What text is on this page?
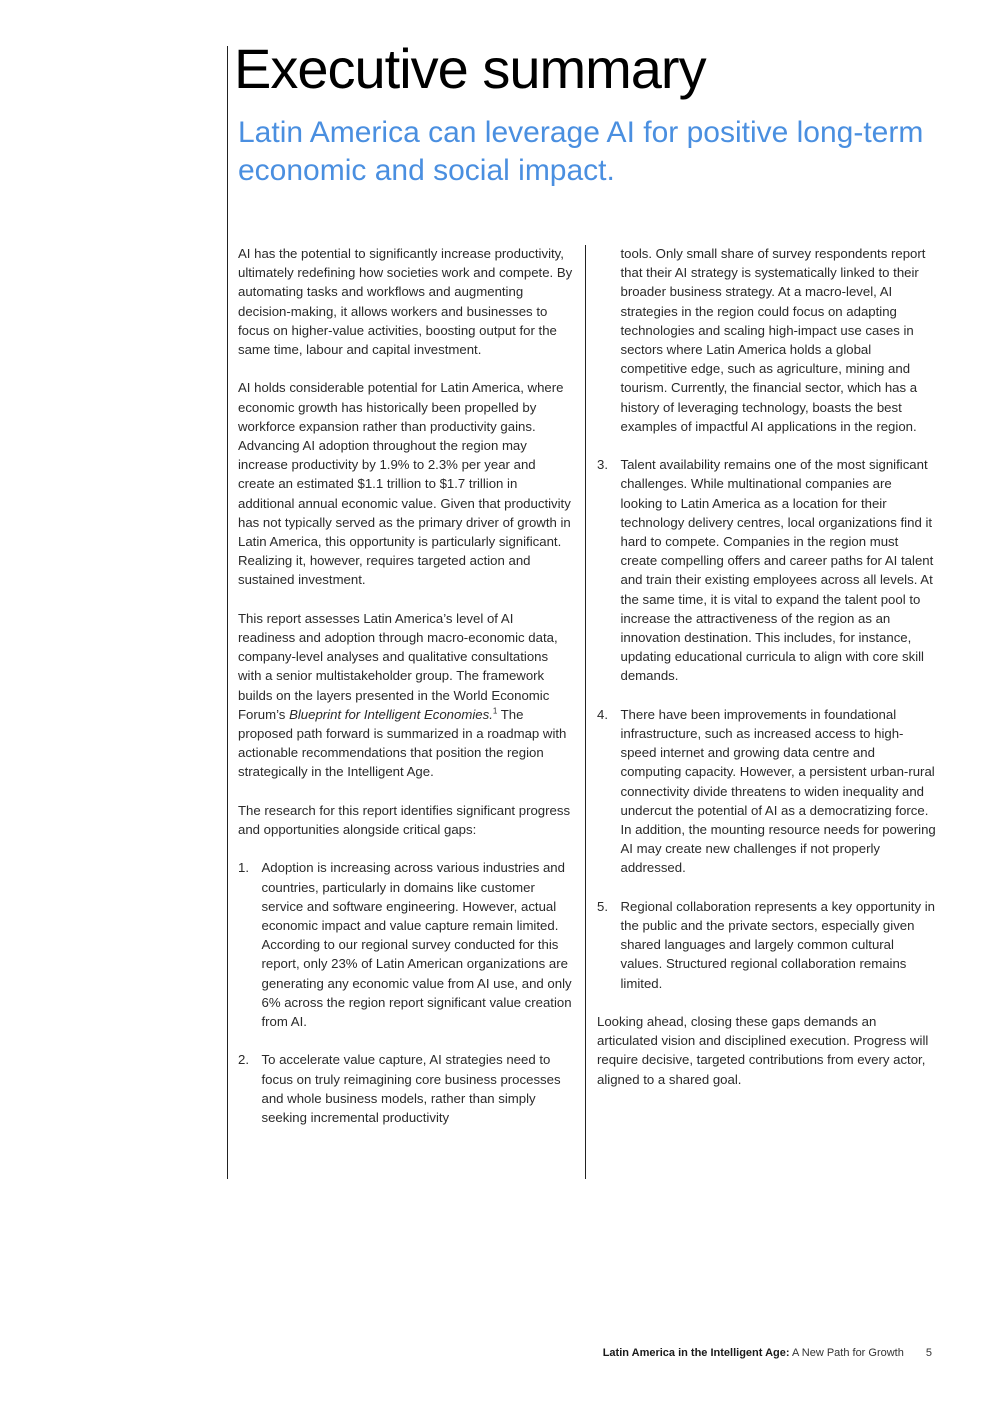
Executive summary
Latin America can leverage AI for positive long-term economic and social impact.

AI has the potential to significantly increase productivity, ultimately redefining how societies work and compete. By automating tasks and workflows and augmenting decision-making, it allows workers and businesses to focus on higher-value activities, boosting output for the same time, labour and capital investment.

AI holds considerable potential for Latin America, where economic growth has historically been propelled by workforce expansion rather than productivity gains. Advancing AI adoption throughout the region may increase productivity by 1.9% to 2.3% per year and create an estimated $1.1 trillion to $1.7 trillion in additional annual economic value. Given that productivity has not typically served as the primary driver of growth in Latin America, this opportunity is particularly significant. Realizing it, however, requires targeted action and sustained investment.

This report assesses Latin America’s level of AI readiness and adoption through macro-economic data, company-level analyses and qualitative consultations with a senior multistakeholder group. The framework builds on the layers presented in the World Economic Forum’s Blueprint for Intelligent Economies.$^1$ The proposed path forward is summarized in a roadmap with actionable recommendations that position the region strategically in the Intelligent Age.

The research for this report identifies significant progress and opportunities alongside critical gaps:

1. Adoption is increasing across various industries and countries, particularly in domains like customer service and software engineering. However, actual economic impact and value capture remain limited. According to our regional survey conducted for this report, only 23% of Latin American organizations are generating any economic value from AI use, and only 6% across the region report significant value creation from AI.
2. To accelerate value capture, AI strategies need to focus on truly reimagining core business processes and whole business models, rather than simply seeking incremental productivity
tools. Only small share of survey respondents report that their AI strategy is systematically linked to their broader business strategy. At a macro-level, AI strategies in the region could focus on adapting technologies and scaling high-impact use cases in sectors where Latin America holds a global competitive edge, such as agriculture, mining and tourism. Currently, the financial sector, which has a history of leveraging technology, boasts the best examples of impactful AI applications in the region.
3. Talent availability remains one of the most significant challenges. While multinational companies are looking to Latin America as a location for their technology delivery centres, local organizations find it hard to compete. Companies in the region must create compelling offers and career paths for AI talent and train their existing employees across all levels. At the same time, it is vital to expand the talent pool to increase the attractiveness of the region as an innovation destination. This includes, for instance, updating educational curricula to align with core skill demands.
4. There have been improvements in foundational infrastructure, such as increased access to high-speed internet and growing data centre and computing capacity. However, a persistent urban-rural connectivity divide threatens to widen inequality and undercut the potential of AI as a democratizing force. In addition, the mounting resource needs for powering AI may create new challenges if not properly addressed.
5. Regional collaboration represents a key opportunity in the public and the private sectors, especially given shared languages and largely common cultural values. Structured regional collaboration remains limited.

Looking ahead, closing these gaps demands an articulated vision and disciplined execution. Progress will require decisive, targeted contributions from every actor, aligned to a shared goal.

Latin America in the Intelligent Age: A New Path for Growth 5
